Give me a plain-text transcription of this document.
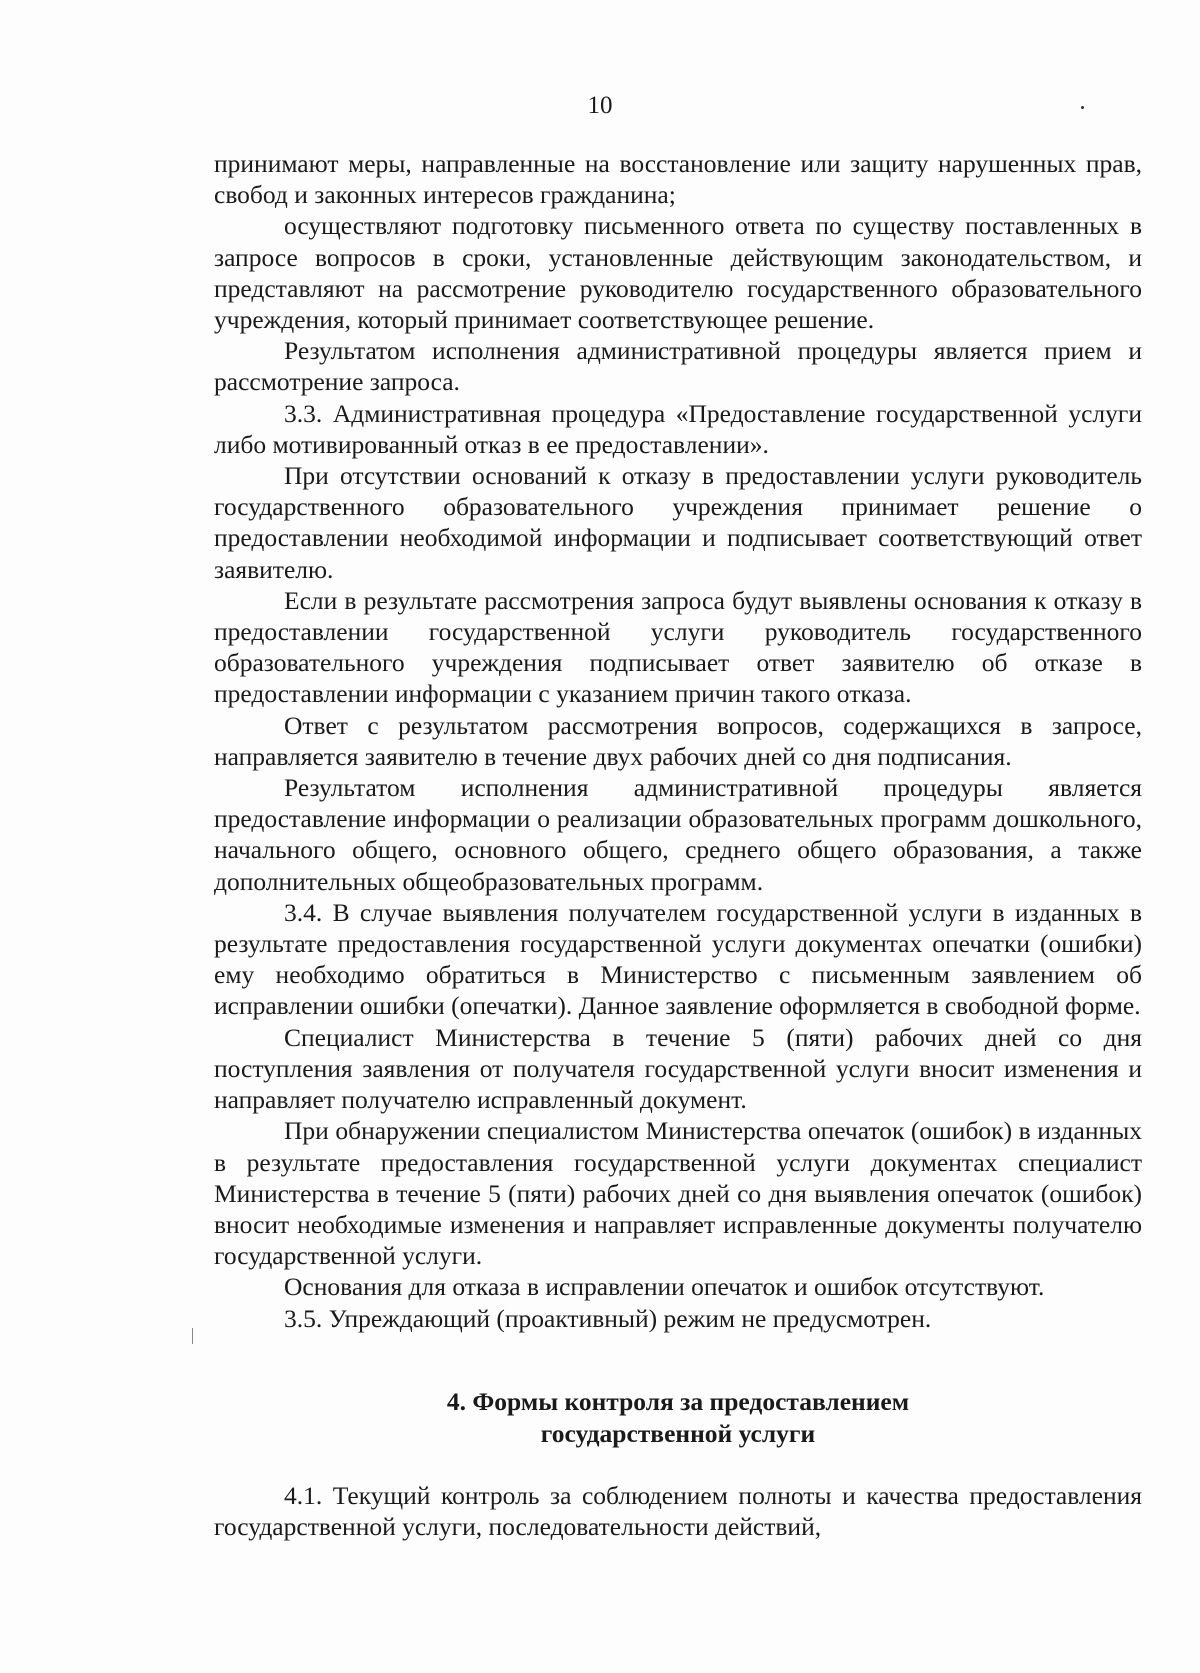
10

принимают меры, направленные на восстановление или защиту нарушенных прав, свобод и законных интересов гражданина;

осуществляют подготовку письменного ответа по существу поставленных в запросе вопросов в сроки, установленные действующим законодательством, и представляют на рассмотрение руководителю государственного образовательного учреждения, который принимает соответствующее решение.

Результатом исполнения административной процедуры является прием и рассмотрение запроса.

3.3. Административная процедура «Предоставление государственной услуги либо мотивированный отказ в ее предоставлении».

При отсутствии оснований к отказу в предоставлении услуги руководитель государственного образовательного учреждения принимает решение о предоставлении необходимой информации и подписывает соответствующий ответ заявителю.

Если в результате рассмотрения запроса будут выявлены основания к отказу в предоставлении государственной услуги руководитель государственного образовательного учреждения подписывает ответ заявителю об отказе в предоставлении информации с указанием причин такого отказа.

Ответ с результатом рассмотрения вопросов, содержащихся в запросе, направляется заявителю в течение двух рабочих дней со дня подписания.

Результатом исполнения административной процедуры является предоставление информации о реализации образовательных программ дошкольного, начального общего, основного общего, среднего общего образования, а также дополнительных общеобразовательных программ.

3.4. В случае выявления получателем государственной услуги в изданных в результате предоставления государственной услуги документах опечатки (ошибки) ему необходимо обратиться в Министерство с письменным заявлением об исправлении ошибки (опечатки). Данное заявление оформляется в свободной форме.

Специалист Министерства в течение 5 (пяти) рабочих дней со дня поступления заявления от получателя государственной услуги вносит изменения и направляет получателю исправленный документ.

При обнаружении специалистом Министерства опечаток (ошибок) в изданных в результате предоставления государственной услуги документах специалист Министерства в течение 5 (пяти) рабочих дней со дня выявления опечаток (ошибок) вносит необходимые изменения и направляет исправленные документы получателю государственной услуги.

Основания для отказа в исправлении опечаток и ошибок отсутствуют.

3.5. Упреждающий (проактивный) режим не предусмотрен.

4. Формы контроля за предоставлением
государственной услуги

4.1. Текущий контроль за соблюдением полноты и качества предоставления государственной услуги, последовательности действий,
